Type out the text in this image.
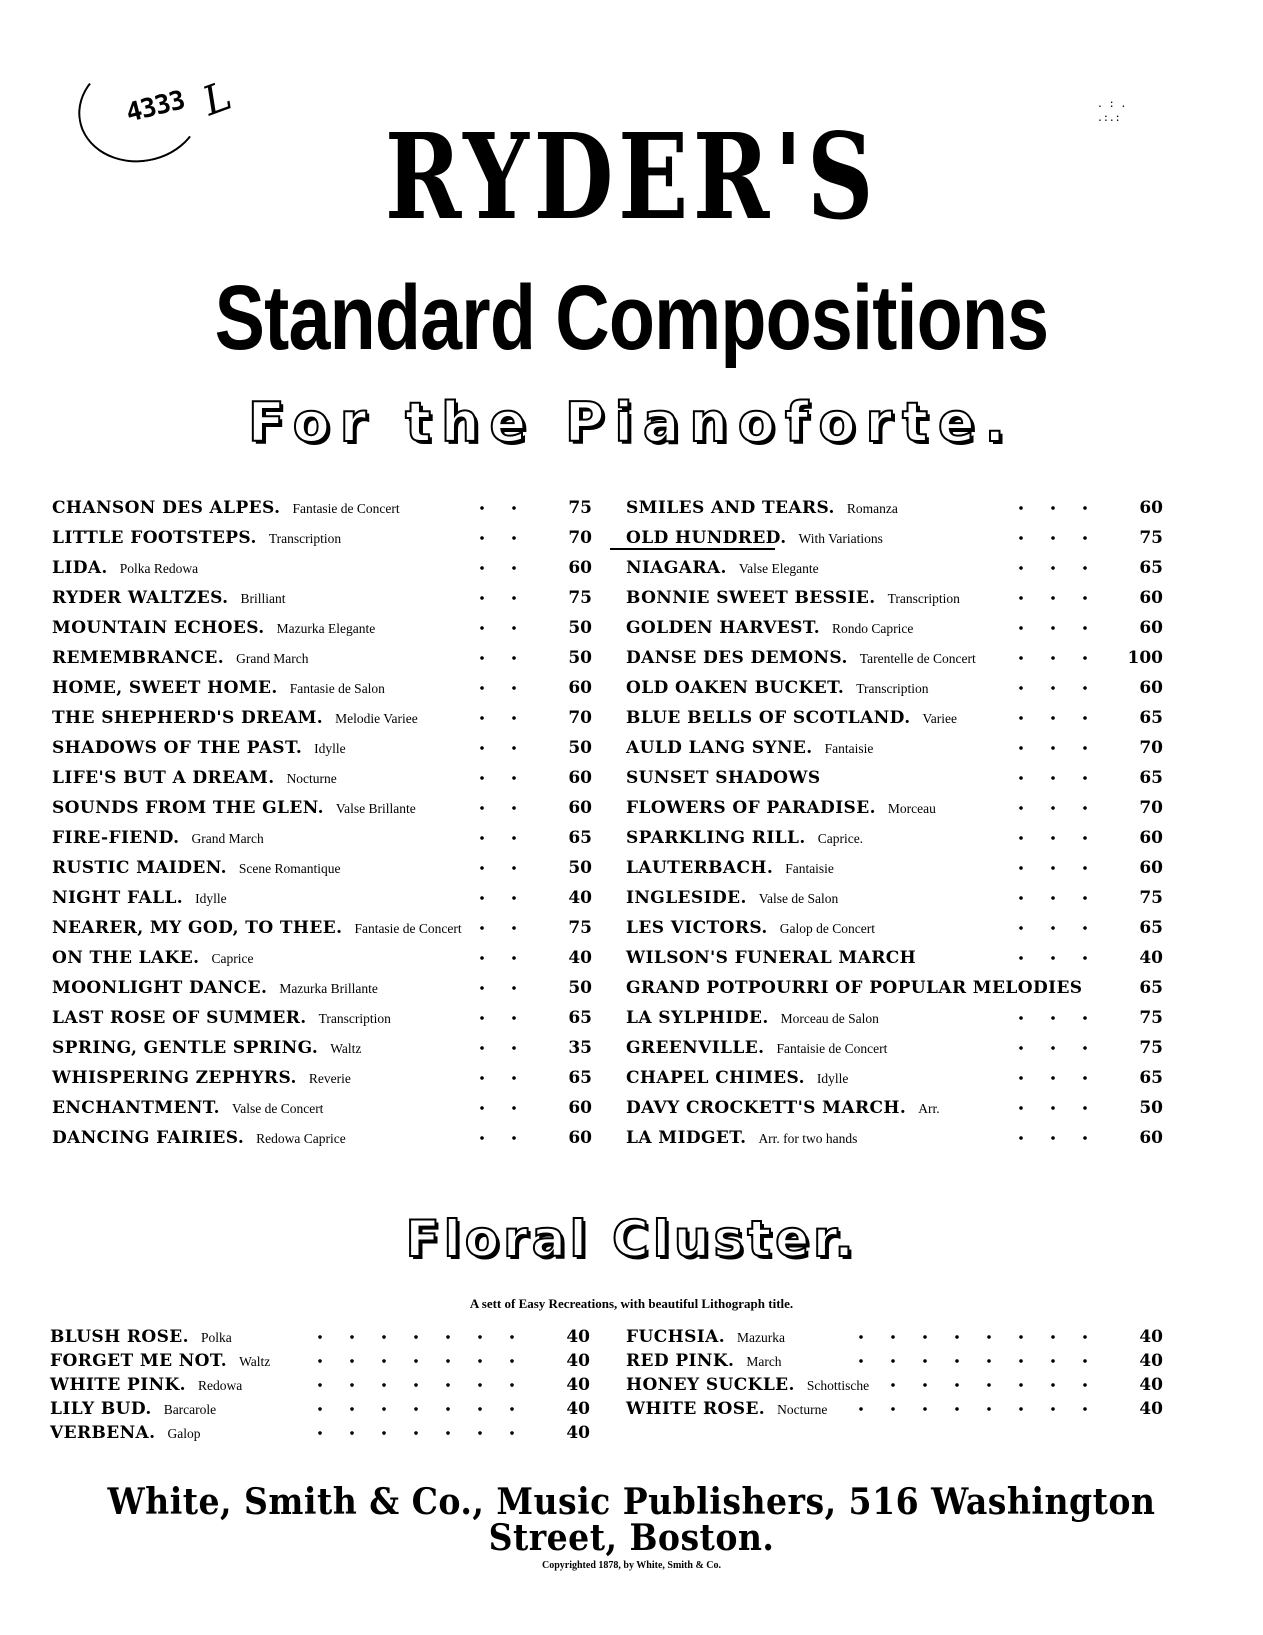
4333 L	. : .
.:.:
RYDER'S
Standard Compositions
For the Pianoforte.
CHANSON DES ALPES. Fantasie de Concert	75
LITTLE FOOTSTEPS. Transcription	70
LIDA. Polka Redowa	60
RYDER WALTZES. Brilliant	75
MOUNTAIN ECHOES. Mazurka Elegante	50
REMEMBRANCE. Grand March	50
HOME, SWEET HOME. Fantasie de Salon	60
THE SHEPHERD'S DREAM. Melodie Variee	70
SHADOWS OF THE PAST. Idylle	50
LIFE'S BUT A DREAM. Nocturne	60
SOUNDS FROM THE GLEN. Valse Brillante	60
FIRE-FIEND. Grand March	65
RUSTIC MAIDEN. Scene Romantique	50
NIGHT FALL. Idylle	40
NEARER, MY GOD, TO THEE. Fantasie de Concert	75
ON THE LAKE. Caprice	40
MOONLIGHT DANCE. Mazurka Brillante	50
LAST ROSE OF SUMMER. Transcription	65
SPRING, GENTLE SPRING. Waltz	35
WHISPERING ZEPHYRS. Reverie	65
ENCHANTMENT. Valse de Concert	60
DANCING FAIRIES. Redowa Caprice	60
SMILES AND TEARS. Romanza	60
OLD HUNDRED. With Variations	75
NIAGARA. Valse Elegante	65
BONNIE SWEET BESSIE. Transcription	60
GOLDEN HARVEST. Rondo Caprice	60
DANSE DES DEMONS. Tarentelle de Concert	100
OLD OAKEN BUCKET. Transcription	60
BLUE BELLS OF SCOTLAND. Variee	65
AULD LANG SYNE. Fantaisie	70
SUNSET SHADOWS	65
FLOWERS OF PARADISE. Morceau	70
SPARKLING RILL. Caprice.	60
LAUTERBACH. Fantaisie	60
INGLESIDE. Valse de Salon	75
LES VICTORS. Galop de Concert	65
WILSON'S FUNERAL MARCH	40
GRAND POTPOURRI OF POPULAR MELODIES	65
LA SYLPHIDE. Morceau de Salon	75
GREENVILLE. Fantaisie de Concert	75
CHAPEL CHIMES. Idylle	65
DAVY CROCKETT'S MARCH. Arr.	50
LA MIDGET. Arr. for two hands	60
Floral Cluster.
A sett of Easy Recreations, with beautiful Lithograph title.
BLUSH ROSE. Polka	40
FORGET ME NOT. Waltz	40
WHITE PINK. Redowa	40
LILY BUD. Barcarole	40
VERBENA. Galop	40
FUCHSIA. Mazurka	40
RED PINK. March	40
HONEY SUCKLE. Schottische	40
WHITE ROSE. Nocturne	40
White, Smith & Co., Music Publishers, 516 Washington Street, Boston.
Copyrighted 1878, by White, Smith & Co.
